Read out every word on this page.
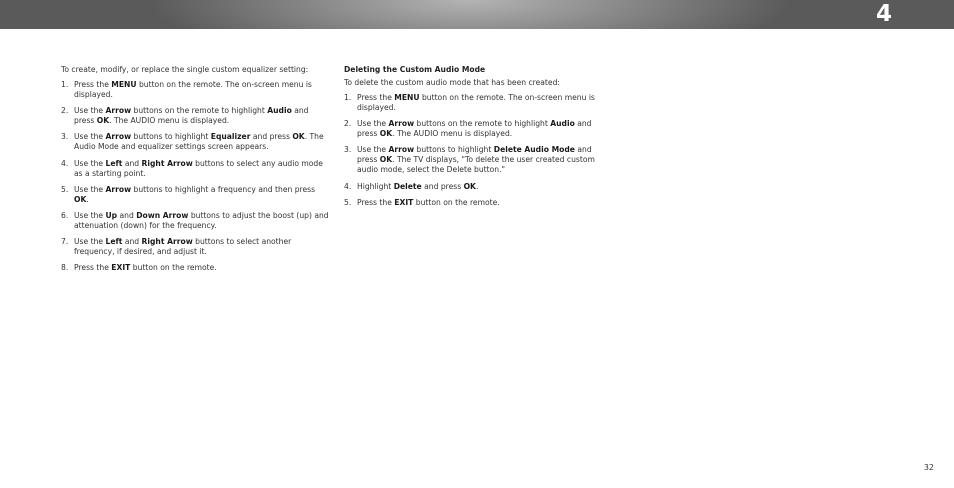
4

To create, modify, or replace the single custom equalizer setting:

1. Press the MENU button on the remote. The on-screen menu is displayed.
2. Use the Arrow buttons on the remote to highlight Audio and press OK. The AUDIO menu is displayed.
3. Use the Arrow buttons to highlight Equalizer and press OK. The Audio Mode and equalizer settings screen appears.
4. Use the Left and Right Arrow buttons to select any audio mode as a starting point.
5. Use the Arrow buttons to highlight a frequency and then press OK.
6. Use the Up and Down Arrow buttons to adjust the boost (up) and attenuation (down) for the frequency.
7. Use the Left and Right Arrow buttons to select another frequency, if desired, and adjust it.
8. Press the EXIT button on the remote.

Deleting the Custom Audio Mode

To delete the custom audio mode that has been created:

1. Press the MENU button on the remote. The on-screen menu is displayed.
2. Use the Arrow buttons on the remote to highlight Audio and press OK. The AUDIO menu is displayed.
3. Use the Arrow buttons to highlight Delete Audio Mode and press OK. The TV displays, "To delete the user created custom audio mode, select the Delete button."
4. Highlight Delete and press OK.
5. Press the EXIT button on the remote.
32
